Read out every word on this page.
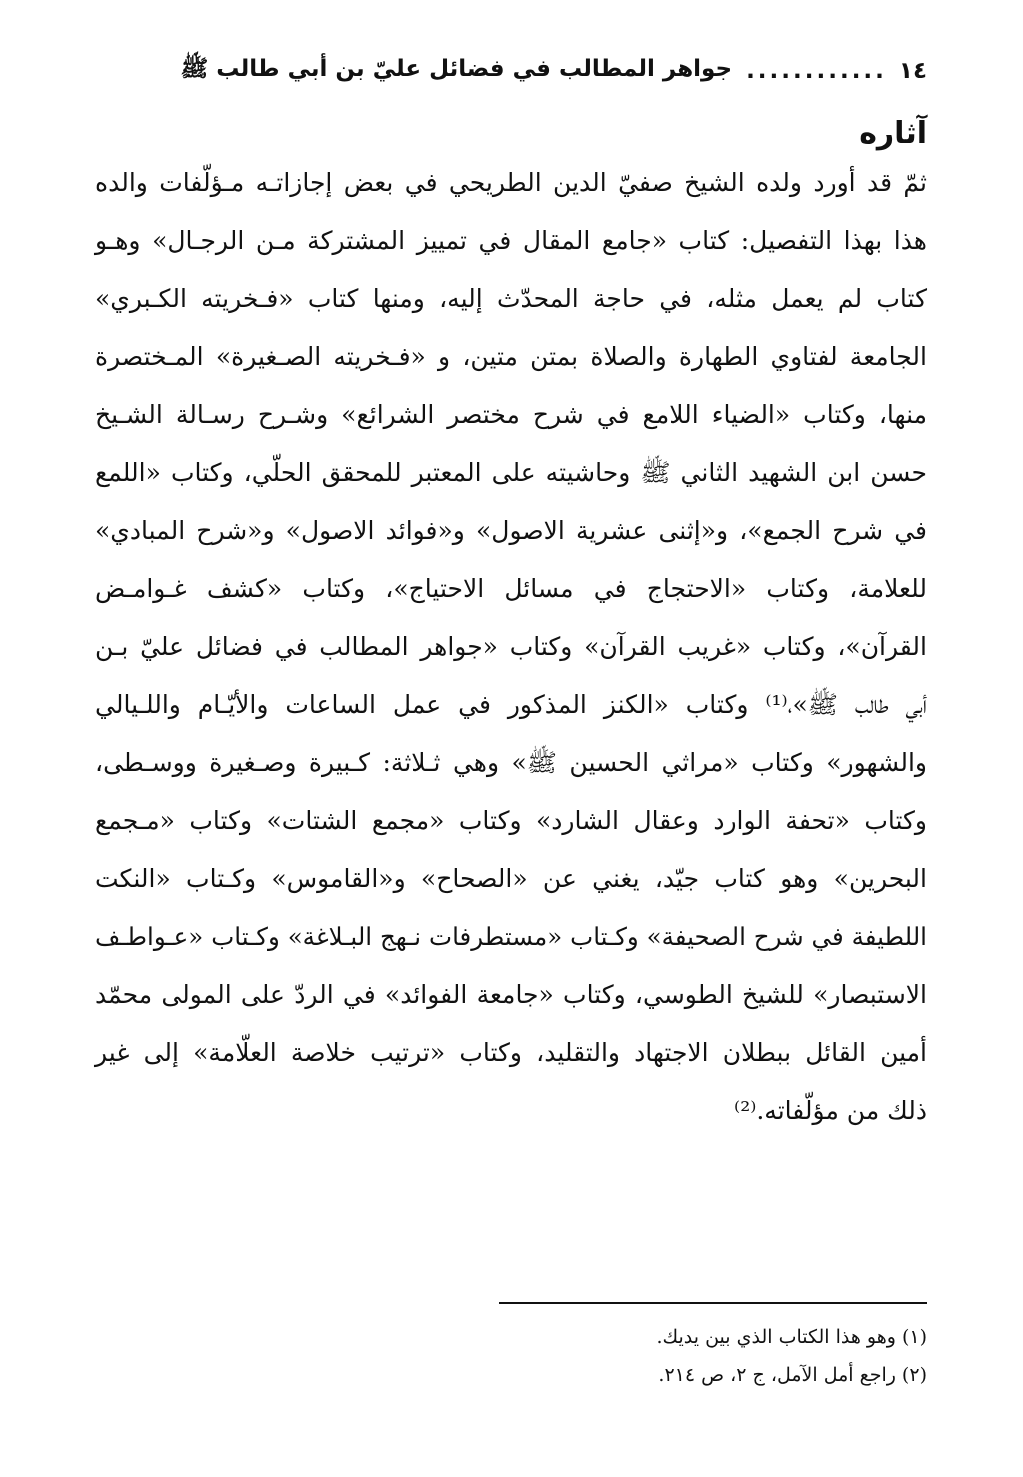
١٤
............
جواهر المطالب في فضائل عليّ بن أبي طالب ﷺ
آثاره
ثمّ قد أورد ولده الشيخ صفيّ الدين الطريحي في بعض إجازاتـه مـؤلّفات والده
هذا بهذا التفصيل: كتاب «جامع المقال في تمييز المشتركة مـن الرجـال» وهـو
كتاب لم يعمل مثله، في حاجة المحدّث إليه، ومنها كتاب «فـخريته الكـبري»
الجامعة لفتاوي الطهارة والصلاة بمتن متين، و «فـخريته الصـغيرة» المـختصرة
منها، وكتاب «الضياء اللامع في شرح مختصر الشرائع» وشـرح رسـالة الشـيخ
حسن ابن الشهيد الثاني ﷺ وحاشيته على المعتبر للمحقق الحلّي، وكتاب «اللمع
في شرح الجمع»، و«إثنى عشرية الاصول» و«فوائد الاصول» و«شرح المبادي»
للعلامة، وكتاب «الاحتجاج في مسائل الاحتياج»، وكتاب «كشف غـوامـض
القرآن»، وكتاب «غريب القرآن» وكتاب «جواهر المطالب في فضائل عليّ بـن
أبي طالب ﷺ»،⁽¹⁾ وكتاب «الكنز المذكور في عمل الساعات والأيّـام واللـيالي
والشهور» وكتاب «مراثي الحسين ﷺ» وهي ثـلاثة: كـبيرة وصـغيرة ووسـطى،
وكتاب «تحفة الوارد وعقال الشارد» وكتاب «مجمع الشتات» وكتاب «مـجمع
البحرين» وهو كتاب جيّد، يغني عن «الصحاح» و«القاموس» وكـتاب «النكت
اللطيفة في شرح الصحيفة» وكـتاب «مستطرفات نـهج البـلاغة» وكـتاب «عـواطـف
الاستبصار» للشيخ الطوسي، وكتاب «جامعة الفوائد» في الردّ على المولى محمّد
أمين القائل ببطلان الاجتهاد والتقليد، وكتاب «ترتيب خلاصة العلّامة» إلى غير
ذلك من مؤلّفاته.⁽²⁾
(١) وهو هذا الكتاب الذي بين يديك.
(٢) راجع أمل الآمل، ج ٢، ص ٢١٤.
